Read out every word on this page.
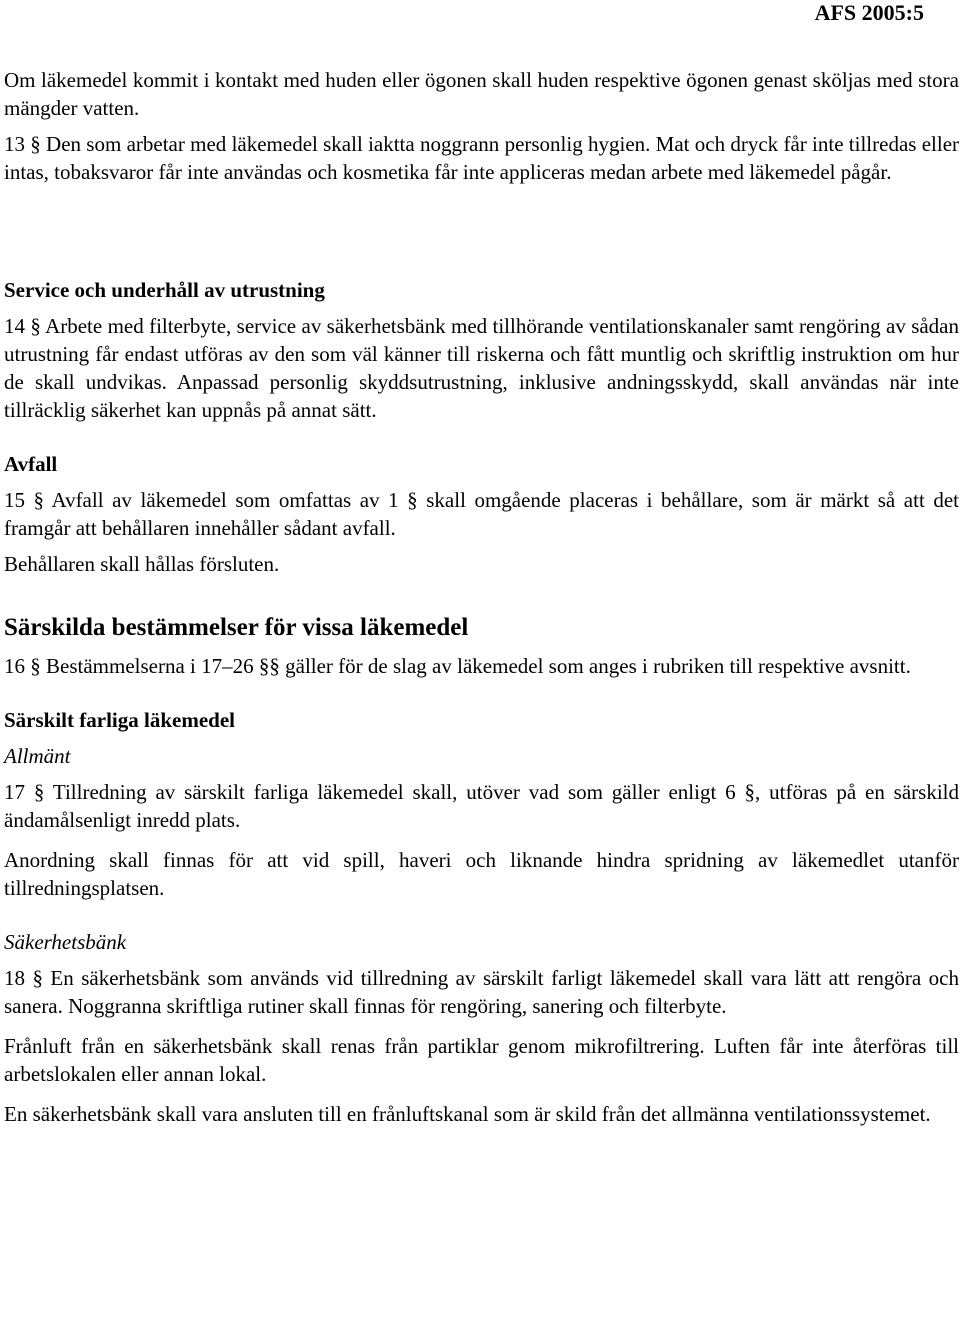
AFS 2005:5

Om läkemedel kommit i kontakt med huden eller ögonen skall huden respektive ögonen genast sköljas med stora mängder vatten.

13 § Den som arbetar med läkemedel skall iaktta noggrann personlig hygien. Mat och dryck får inte tillredas eller intas, tobaksvaror får inte användas och kosmetika får inte appliceras medan arbete med läkemedel pågår.

Service och underhåll av utrustning

14 § Arbete med filterbyte, service av säkerhetsbänk med tillhörande ventilationskanaler samt rengöring av sådan utrustning får endast utföras av den som väl känner till riskerna och fått muntlig och skriftlig instruktion om hur de skall undvikas. Anpassad personlig skyddsutrustning, inklusive andningsskydd, skall användas när inte tillräcklig säkerhet kan uppnås på annat sätt.

Avfall

15 § Avfall av läkemedel som omfattas av 1 § skall omgående placeras i behållare, som är märkt så att det framgår att behållaren innehåller sådant avfall.

Behållaren skall hållas försluten.

Särskilda bestämmelser för vissa läkemedel

16 § Bestämmelserna i 17–26 §§ gäller för de slag av läkemedel som anges i rubriken till respektive avsnitt.

Särskilt farliga läkemedel

Allmänt

17 § Tillredning av särskilt farliga läkemedel skall, utöver vad som gäller enligt 6 §, utföras på en särskild ändamålsenligt inredd plats.

Anordning skall finnas för att vid spill, haveri och liknande hindra spridning av läkemedlet utanför tillredningsplatsen.

Säkerhetsbänk

18 § En säkerhetsbänk som används vid tillredning av särskilt farligt läkemedel skall vara lätt att rengöra och sanera. Noggranna skriftliga rutiner skall finnas för rengöring, sanering och filterbyte.

Frånluft från en säkerhetsbänk skall renas från partiklar genom mikrofiltrering. Luften får inte återföras till arbetslokalen eller annan lokal.

En säkerhetsbänk skall vara ansluten till en frånluftskanal som är skild från det allmänna ventilationssystemet.
